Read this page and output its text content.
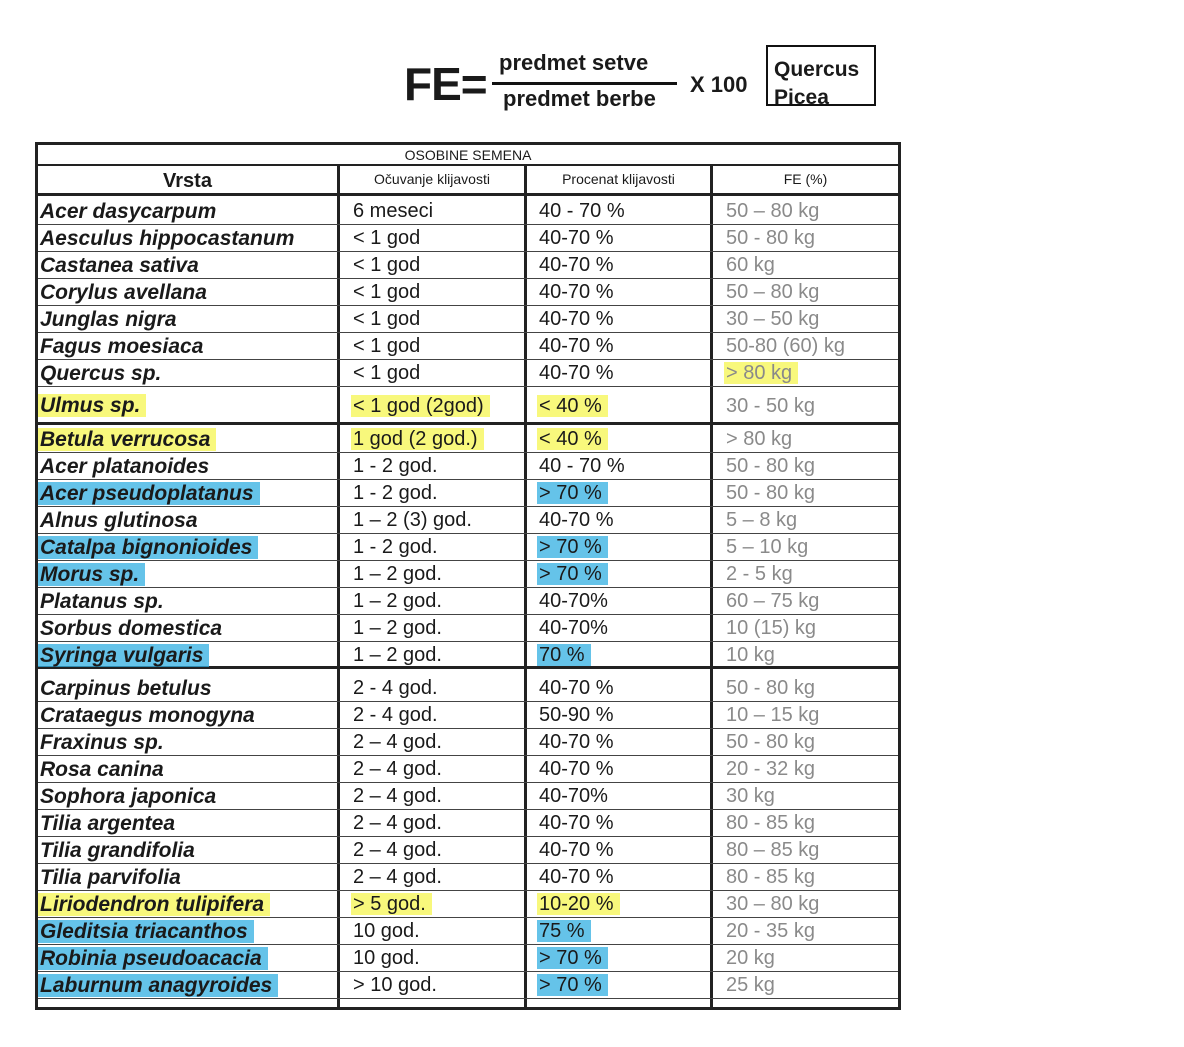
FE= predmet setve
predmet berbe
X 100
Quercus
Picea
OSOBINE SEMENA
Vrsta	Očuvanje klijavosti	Procenat klijavosti	FE (%)
Acer dasycarpum	6 meseci	40 - 70 %	50 – 80 kg
Aesculus hippocastanum	< 1 god	40-70 %	50 - 80 kg
Castanea sativa	< 1 god	40-70 %	60 kg
Corylus avellana	< 1 god	40-70 %	50 – 80 kg
Junglas nigra	< 1 god	40-70 %	30 – 50 kg
Fagus moesiaca	< 1 god	40-70 %	50-80 (60) kg
Quercus sp.	< 1 god	40-70 %	> 80 kg
Ulmus sp.	< 1 god (2god)	< 40 %	30 - 50 kg
Betula verrucosa	1 god (2 god.)	< 40 %	> 80 kg
Acer platanoides	1 - 2 god.	40 - 70 %	50 - 80 kg
Acer pseudoplatanus	1 - 2 god.	> 70 %	50 - 80 kg
Alnus glutinosa	1 – 2 (3) god.	40-70 %	5 – 8 kg
Catalpa bignonioides	1 - 2 god.	> 70 %	5 – 10 kg
Morus sp.	1 – 2 god.	> 70 %	2 - 5 kg
Platanus sp.	1 – 2 god.	40-70%	60 – 75 kg
Sorbus domestica	1 – 2 god.	40-70%	10 (15) kg
Syringa vulgaris	1 – 2 god.	70 %	10 kg
Carpinus betulus	2 - 4 god.	40-70 %	50 - 80 kg
Crataegus monogyna	2 - 4 god.	50-90 %	10 – 15 kg
Fraxinus sp.	2 – 4 god.	40-70 %	50 - 80 kg
Rosa canina	2 – 4 god.	40-70 %	20 - 32 kg
Sophora japonica	2 – 4 god.	40-70%	30 kg
Tilia argentea	2 – 4 god.	40-70 %	80 - 85 kg
Tilia grandifolia	2 – 4 god.	40-70 %	80 – 85 kg
Tilia parvifolia	2 – 4 god.	40-70 %	80 - 85 kg
Liriodendron tulipifera	> 5 god.	10-20 %	30 – 80 kg
Gleditsia triacanthos	10 god.	75 %	20 - 35 kg
Robinia pseudoacacia	10 god.	> 70 %	20 kg
Laburnum anagyroides	> 10 god.	> 70 %	25 kg
